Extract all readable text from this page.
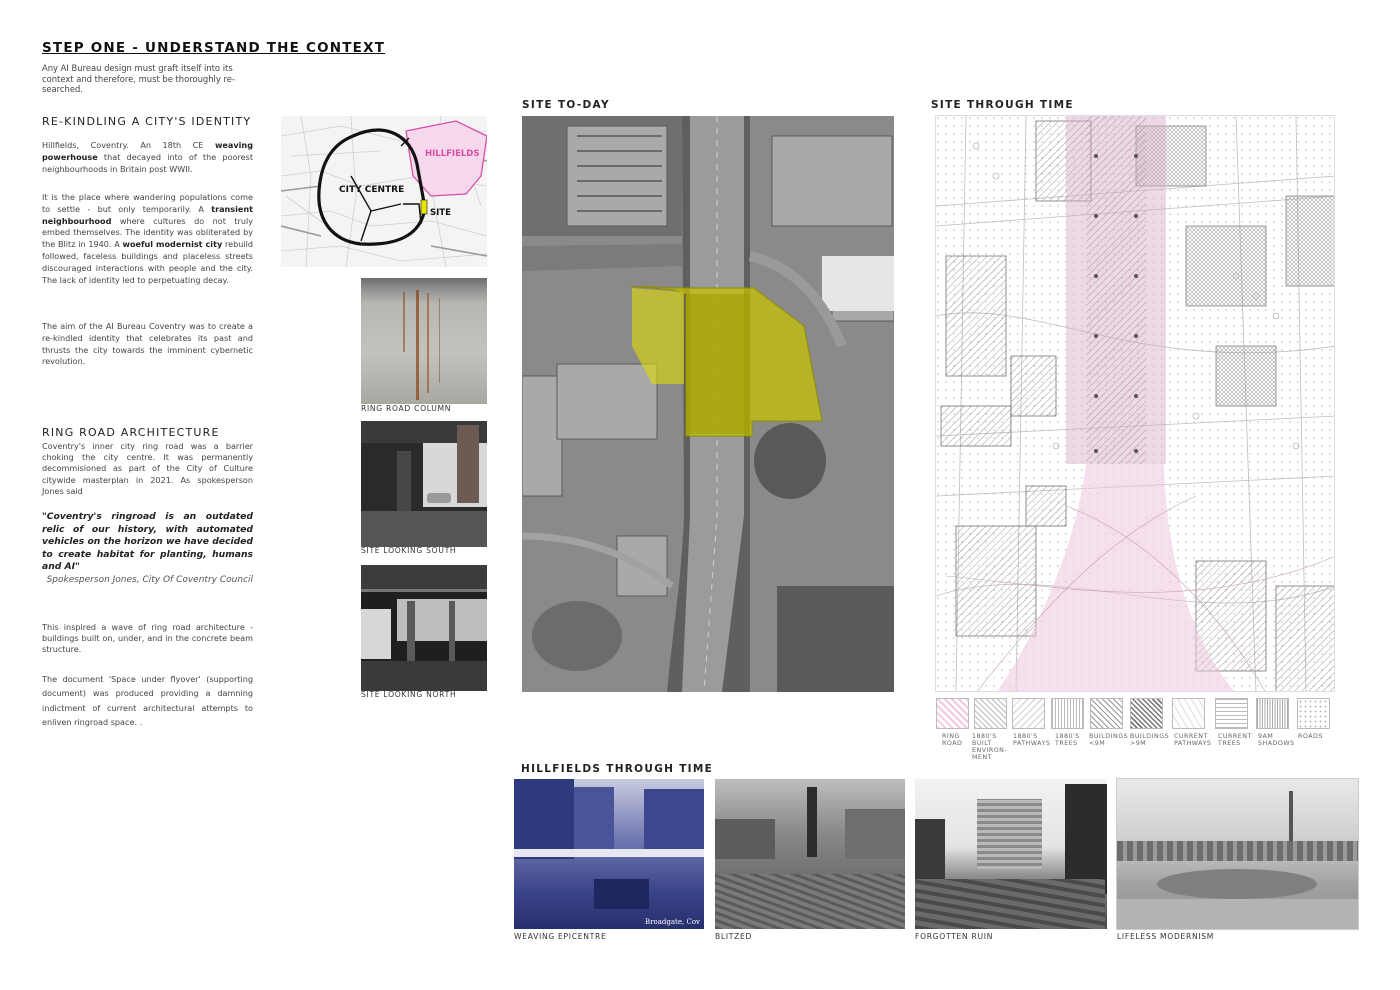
STEP ONE - UNDERSTAND THE CONTEXT
Any AI Bureau design must graft itself into its context and therefore, must be thoroughly re-searched.
RE-KINDLING A CITY'S IDENTITY
Hillfields, Coventry. An 18th CE weaving powerhouse that decayed into of the poorest neighbourhoods in Britain post WWII.
It is the place where wandering populations come to settle - but only temporarily. A transient neighbourhood where cultures do not truly embed themselves. The identity was obliterated by the Blitz in 1940. A woeful modernist city rebuild followed, faceless buildings and placeless streets discouraged interactions with people and the city. The lack of identity led to perpetuating decay.
The aim of the AI Bureau Coventry was to create a re-kindled identity that celebrates its past and thrusts the city towards the imminent cybernetic revolution.
RING ROAD ARCHITECTURE
Coventry's inner city ring road was a barrier choking the city centre. It was permanently decommisioned as part of the City of Culture citywide masterplan in 2021. As spokesperson Jones said
"Coventry's ringroad is an outdated relic of our history, with automated vehicles on the horizon we have decided to create habitat for planting, humans and AI"
Spokesperson Jones, City Of Coventry Council
This inspired a wave of ring road architecture - buildings built on, under, and in the concrete beam structure.
The document 'Space under flyover' (supporting document) was produced providing a damning indictment of current architectural attempts to enliven ringroad space. .
CITY CENTRE
HILLFIELDS
SITE
RING ROAD COLUMN
SITE LOOKING SOUTH
SITE LOOKING NORTH
SITE TO-DAY	SITE THROUGH TIME
RING ROAD
1880'S BUILT ENVIRON-MENT
1880'S PATHWAYS
1880'S TREES
BUILDINGS <9M
BUILDINGS >9M
CURRENT PATHWAYS
CURRENT TREES
9AM SHADOWS
ROADS
HILLFIELDS THROUGH TIME
Broadgate, Cov
WEAVING EPICENTRE	BLITZED	FORGOTTEN RUIN	LIFELESS MODERNISM
